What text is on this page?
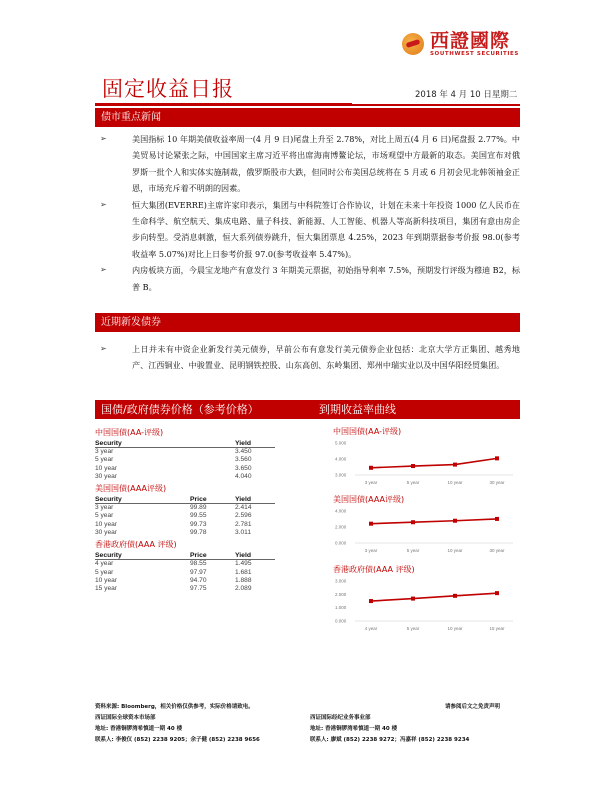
西證國際
SOUTHWEST SECURITIES
固定收益日报	2018 年 4 月 10 日星期二
债市重点新闻
➢	美国指标 10 年期美债收益率周一(4 月 9 日)尾盘上升至 2.78%，对比上周五(4 月 6 日)尾盘报 2.77%。中美贸易讨论紧张之际，中国国家主席习近平将出席海南博鳌论坛，市场观望中方最新的取态。美国宣布对俄罗斯一批个人和实体实施制裁，俄罗斯股市大跌，但同时公布美国总统将在 5 月或 6 月初会见北韩领袖金正恩，市场充斥着不明朗的因素。
➢	恒大集团(EVERRE)主席许家印表示，集团与中科院签订合作协议，计划在未来十年投资 1000 亿人民币在生命科学、航空航天、集成电路、量子科技、新能源、人工智能、机器人等高新科技项目，集团有意由房企步向转型。受消息刺激，恒大系列债券跳升，恒大集团票息 4.25%，2023 年到期票据参考价报 98.0(参考收益率 5.07%)对比上日参考价报 97.0(参考收益率 5.47%)。
➢	内房板块方面，今晨宝龙地产有意发行 3 年期美元票据，初始指导利率 7.5%，预期发行评级为穆迪 B2，标普 B。
近期新发债券
➢	上日并未有中资企业新发行美元债券，早前公布有意发行美元债券企业包括：北京大学方正集团、越秀地产、江西铜业、中骏置业、昆明钢铁控股、山东高创、东岭集团、郑州中瑞实业以及中国华阳经贸集团。
国债/政府债券价格（参考价格）	到期收益率曲线
中国国债(AA-评级)
Security	Yield
3 year	3.450
5 year	3.560
10 year	3.650
30 year	4.040
美国国债(AAA评级)
Security	Price	Yield
3 year	99.89	2.414
5 year	99.55	2.596
10 year	99.73	2.781
30 year	99.78	3.011
香港政府债(AAA 评级)
Security	Price	Yield
4 year	98.55	1.495
5 year	97.97	1.681
10 year	94.70	1.888
15 year	97.75	2.089
中国国债(AA-评级)
3.000
4.000
5.000
3 year	5 year	10 year	30 year
美国国债(AAA评级)
0.000
2.000
4.000
3 year	5 year	10 year	30 year
香港政府债(AAA 评级)
0.000
1.000
2.000
3.000
4 year	5 year	10 year	15 year
资料来源: Bloomberg，相关价格仅供参考，实际价格请致电。
西证国际全球资本市场部
地址: 香港铜锣湾希慎道一期 40 楼
联系人: 李俊仪 (852) 2238 9205；余子健 (852) 2238 9656
请参阅后文之免责声明
西证国际经纪业务事业部
地址: 香港铜锣湾希慎道一期 40 楼
联系人: 廖斌 (852) 2238 9272；冯嘉祥 (852) 2238 9234
